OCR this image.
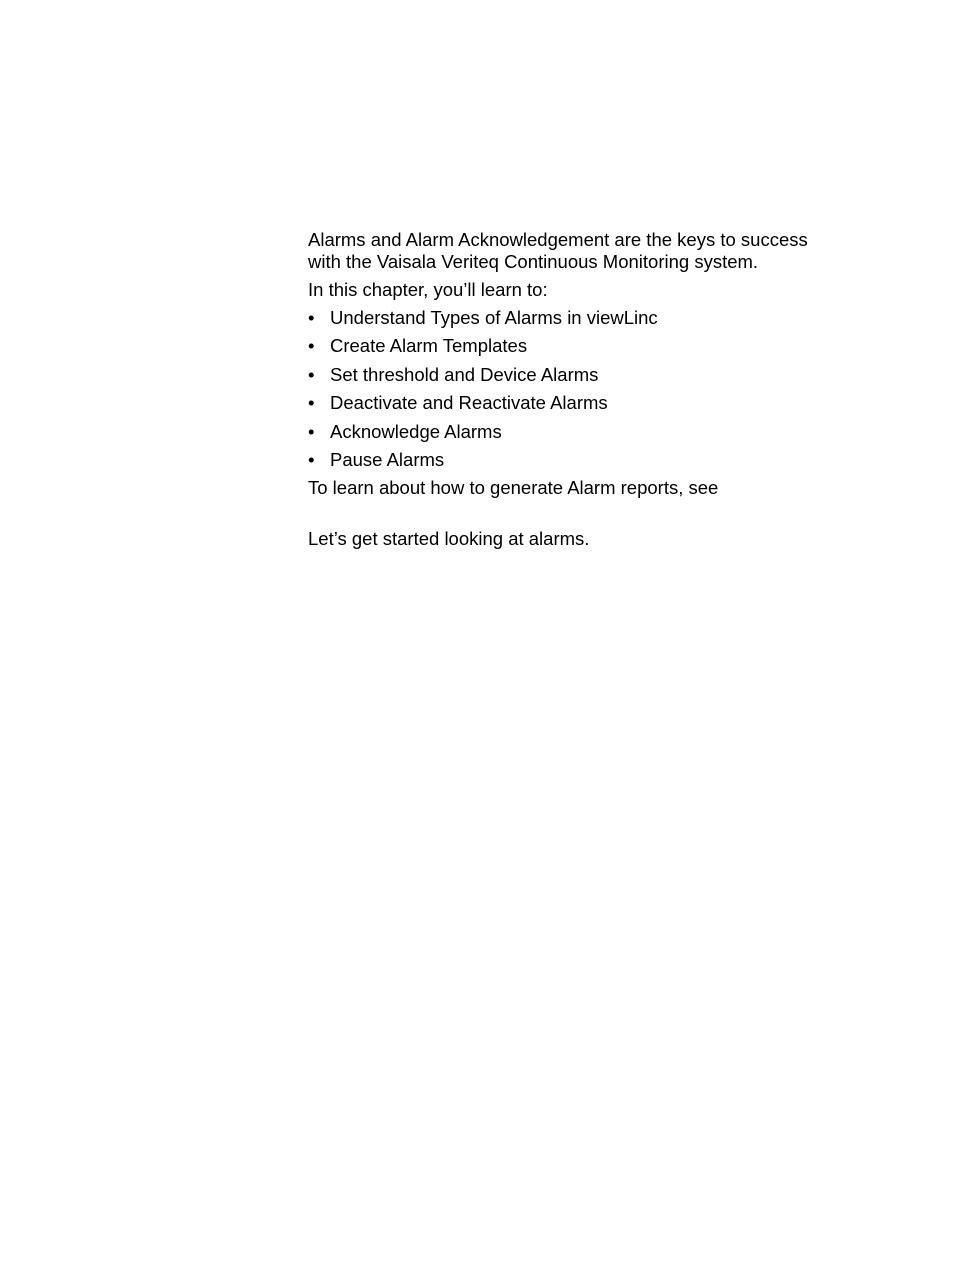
Alarms and Alarm Acknowledgement are the keys to success with the Vaisala Veriteq Continuous Monitoring system.

In this chapter, you’ll learn to:

• Understand Types of Alarms in viewLinc
• Create Alarm Templates
• Set threshold and Device Alarms
• Deactivate and Reactivate Alarms
• Acknowledge Alarms
• Pause Alarms

To learn about how to generate Alarm reports, see

Let’s get started looking at alarms.
